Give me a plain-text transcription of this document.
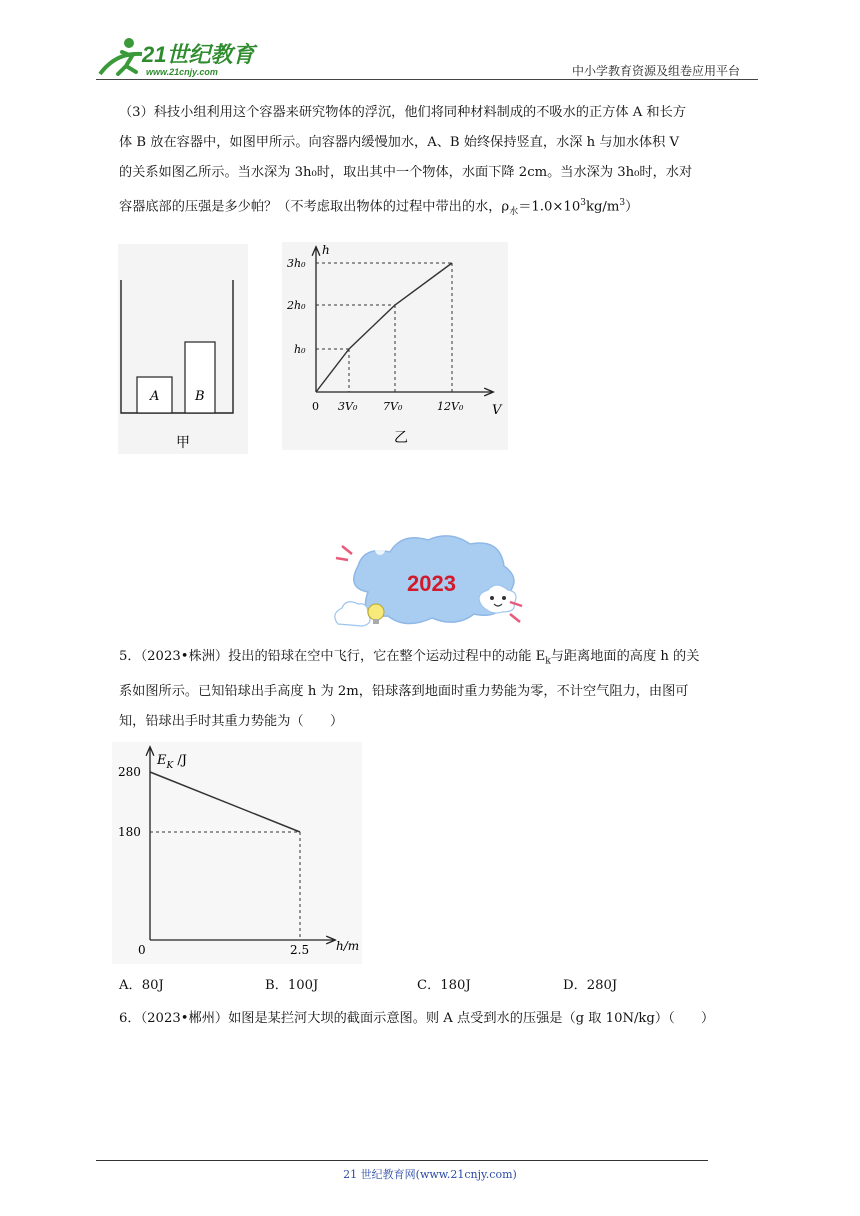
21世纪教育
www.21cnjy.com	中小学教育资源及组卷应用平台
（3）科技小组利用这个容器来研究物体的浮沉，他们将同种材料制成的不吸水的正方体 A 和长方
体 B 放在容器中，如图甲所示。向容器内缓慢加水，A、B 始终保持竖直，水深 h 与加水体积 V
的关系如图乙所示。当水深为 3h₀时，取出其中一个物体，水面下降 2cm。当水深为 3h₀时，水对
容器底部的压强是多少帕？（不考虑取出物体的过程中带出的水，$\rho_水=1.0\times 10^3kg/m^3$）
A	B
甲
h
V
h₀
2h₀
3h₀
0 3V₀ 7V₀	12V₀
乙
2023
5．（2023•株洲）投出的铅球在空中飞行，它在整个运动过程中的动能 $E_k$与距离地面的高度 h 的关
系如图所示。已知铅球出手高度 h 为 2m，铅球落到地面时重力势能为零，不计空气阻力，由图可
知，铅球出手时其重力势能为（　　）
$E_K$ /J
h/m
0
280
180
2.5
A．80J	B．100J	C．180J	D．280J
6．（2023•郴州）如图是某拦河大坝的截面示意图。则 A 点受到水的压强是（g 取 10N/kg）（　　）
21 世纪教育网(www.21cnjy.com)
